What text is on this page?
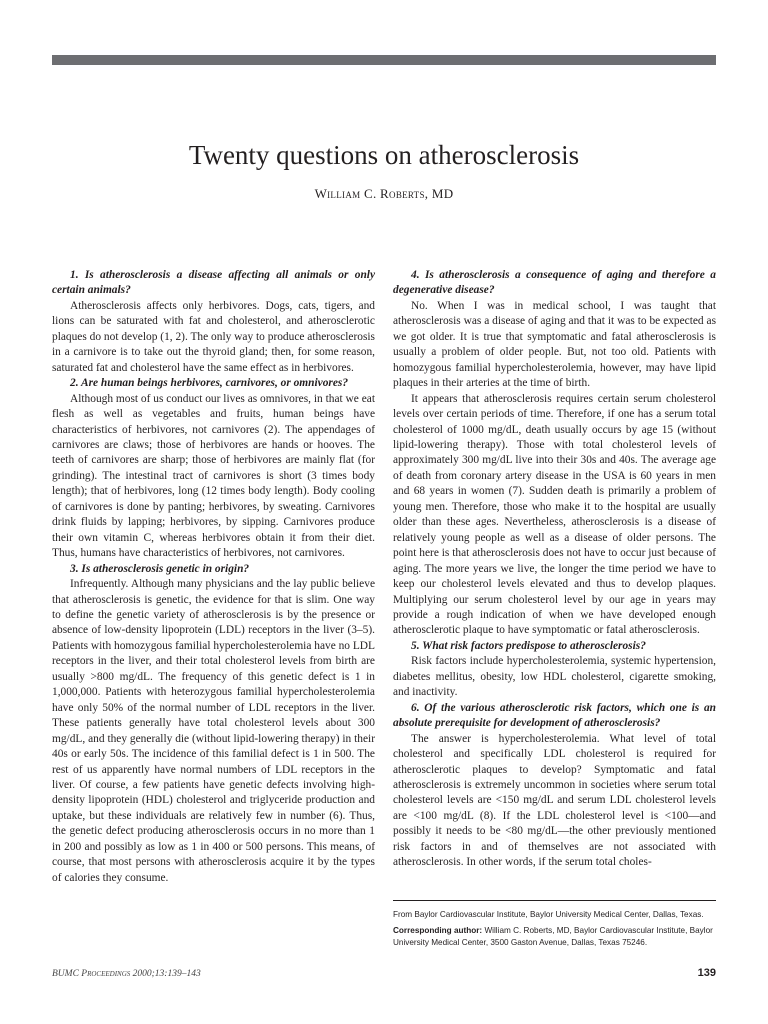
Twenty questions on atherosclerosis
William C. Roberts, MD

1. Is atherosclerosis a disease affecting all animals or only certain animals?

Atherosclerosis affects only herbivores. Dogs, cats, tigers, and lions can be saturated with fat and cholesterol, and atherosclerotic plaques do not develop (1, 2). The only way to produce atherosclerosis in a carnivore is to take out the thyroid gland; then, for some reason, saturated fat and cholesterol have the same effect as in herbivores.

2. Are human beings herbivores, carnivores, or omnivores?

Although most of us conduct our lives as omnivores, in that we eat flesh as well as vegetables and fruits, human beings have characteristics of herbivores, not carnivores (2). The appendages of carnivores are claws; those of herbivores are hands or hooves. The teeth of carnivores are sharp; those of herbivores are mainly flat (for grinding). The intestinal tract of carnivores is short (3 times body length); that of herbivores, long (12 times body length). Body cooling of carnivores is done by panting; herbivores, by sweating. Carnivores drink fluids by lapping; herbivores, by sipping. Carnivores produce their own vitamin C, whereas herbivores obtain it from their diet. Thus, humans have characteristics of herbivores, not carnivores.

3. Is atherosclerosis genetic in origin?

Infrequently. Although many physicians and the lay public believe that atherosclerosis is genetic, the evidence for that is slim. One way to define the genetic variety of atherosclerosis is by the presence or absence of low-density lipoprotein (LDL) receptors in the liver (3–5). Patients with homozygous familial hypercholesterolemia have no LDL receptors in the liver, and their total cholesterol levels from birth are usually >800 mg/dL. The frequency of this genetic defect is 1 in 1,000,000. Patients with heterozygous familial hypercholesterolemia have only 50% of the normal number of LDL receptors in the liver. These patients generally have total cholesterol levels about 300 mg/dL, and they generally die (without lipid-lowering therapy) in their 40s or early 50s. The incidence of this familial defect is 1 in 500. The rest of us apparently have normal numbers of LDL receptors in the liver. Of course, a few patients have genetic defects involving high-density lipoprotein (HDL) cholesterol and triglyceride production and uptake, but these individuals are relatively few in number (6). Thus, the genetic defect producing atherosclerosis occurs in no more than 1 in 200 and possibly as low as 1 in 400 or 500 persons. This means, of course, that most persons with atherosclerosis acquire it by the types of calories they consume.

4. Is atherosclerosis a consequence of aging and therefore a degenerative disease?

No. When I was in medical school, I was taught that atherosclerosis was a disease of aging and that it was to be expected as we got older. It is true that symptomatic and fatal atherosclerosis is usually a problem of older people. But, not too old. Patients with homozygous familial hypercholesterolemia, however, may have lipid plaques in their arteries at the time of birth.

It appears that atherosclerosis requires certain serum cholesterol levels over certain periods of time. Therefore, if one has a serum total cholesterol of 1000 mg/dL, death usually occurs by age 15 (without lipid-lowering therapy). Those with total cholesterol levels of approximately 300 mg/dL live into their 30s and 40s. The average age of death from coronary artery disease in the USA is 60 years in men and 68 years in women (7). Sudden death is primarily a problem of young men. Therefore, those who make it to the hospital are usually older than these ages. Nevertheless, atherosclerosis is a disease of relatively young people as well as a disease of older persons. The point here is that atherosclerosis does not have to occur just because of aging. The more years we live, the longer the time period we have to keep our cholesterol levels elevated and thus to develop plaques. Multiplying our serum cholesterol level by our age in years may provide a rough indication of when we have developed enough atherosclerotic plaque to have symptomatic or fatal atherosclerosis.

5. What risk factors predispose to atherosclerosis?

Risk factors include hypercholesterolemia, systemic hypertension, diabetes mellitus, obesity, low HDL cholesterol, cigarette smoking, and inactivity.

6. Of the various atherosclerotic risk factors, which one is an absolute prerequisite for development of atherosclerosis?

The answer is hypercholesterolemia. What level of total cholesterol and specifically LDL cholesterol is required for atherosclerotic plaques to develop? Symptomatic and fatal atherosclerosis is extremely uncommon in societies where serum total cholesterol levels are <150 mg/dL and serum LDL cholesterol levels are <100 mg/dL (8). If the LDL cholesterol level is <100—and possibly it needs to be <80 mg/dL—the other previously mentioned risk factors in and of themselves are not associated with atherosclerosis. In other words, if the serum total choles-

From Baylor Cardiovascular Institute, Baylor University Medical Center, Dallas, Texas.

Corresponding author: William C. Roberts, MD, Baylor Cardiovascular Institute, Baylor University Medical Center, 3500 Gaston Avenue, Dallas, Texas 75246.

BUMC Proceedings 2000;13:139–143	139
